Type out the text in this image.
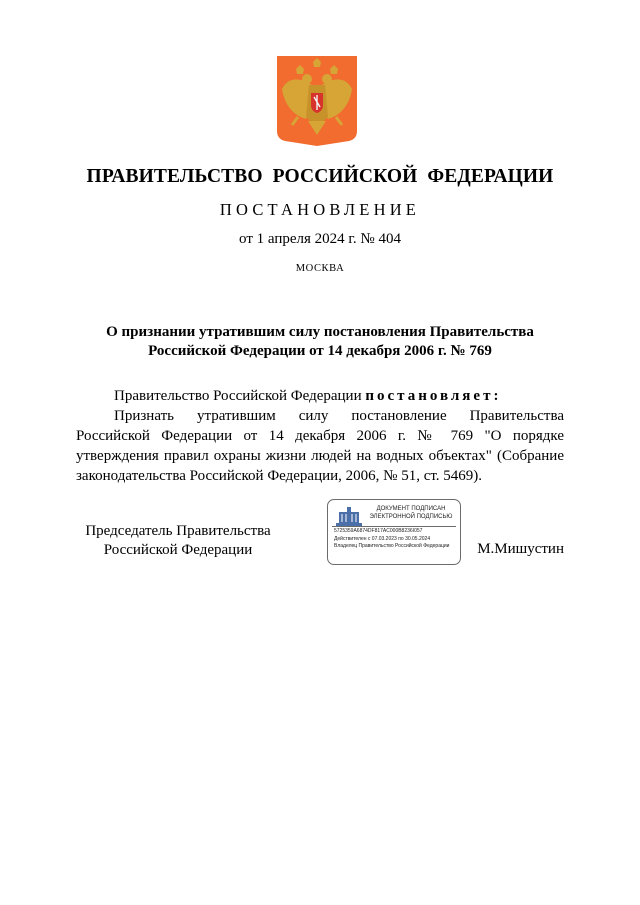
ПРАВИТЕЛЬСТВО РОССИЙСКОЙ ФЕДЕРАЦИИ
ПОСТАНОВЛЕНИЕ
от 1 апреля 2024 г. № 404
МОСКВА
О признании утратившим силу постановления Правительства
Российской Федерации от 14 декабря 2006 г. № 769

Правительство Российской Федерации постановляет:

Признать утратившим силу постановление Правительства Российской Федерации от 14 декабря 2006 г. № 769 "О порядке утверждения правил охраны жизни людей на водных объектах" (Собрание законодательства Российской Федерации, 2006, № 51, ст. 5469).

Председатель Правительства
Российской Федерации
ДОКУМЕНТ ПОДПИСАН
ЭЛЕКТРОННОЙ ПОДПИСЬЮ
5725359A6874DF817AC000B8236I057
Действителен с 07.03.2023 по 30.05.2024
Владелец Правительство Российской Федерации	М.Мишустин
